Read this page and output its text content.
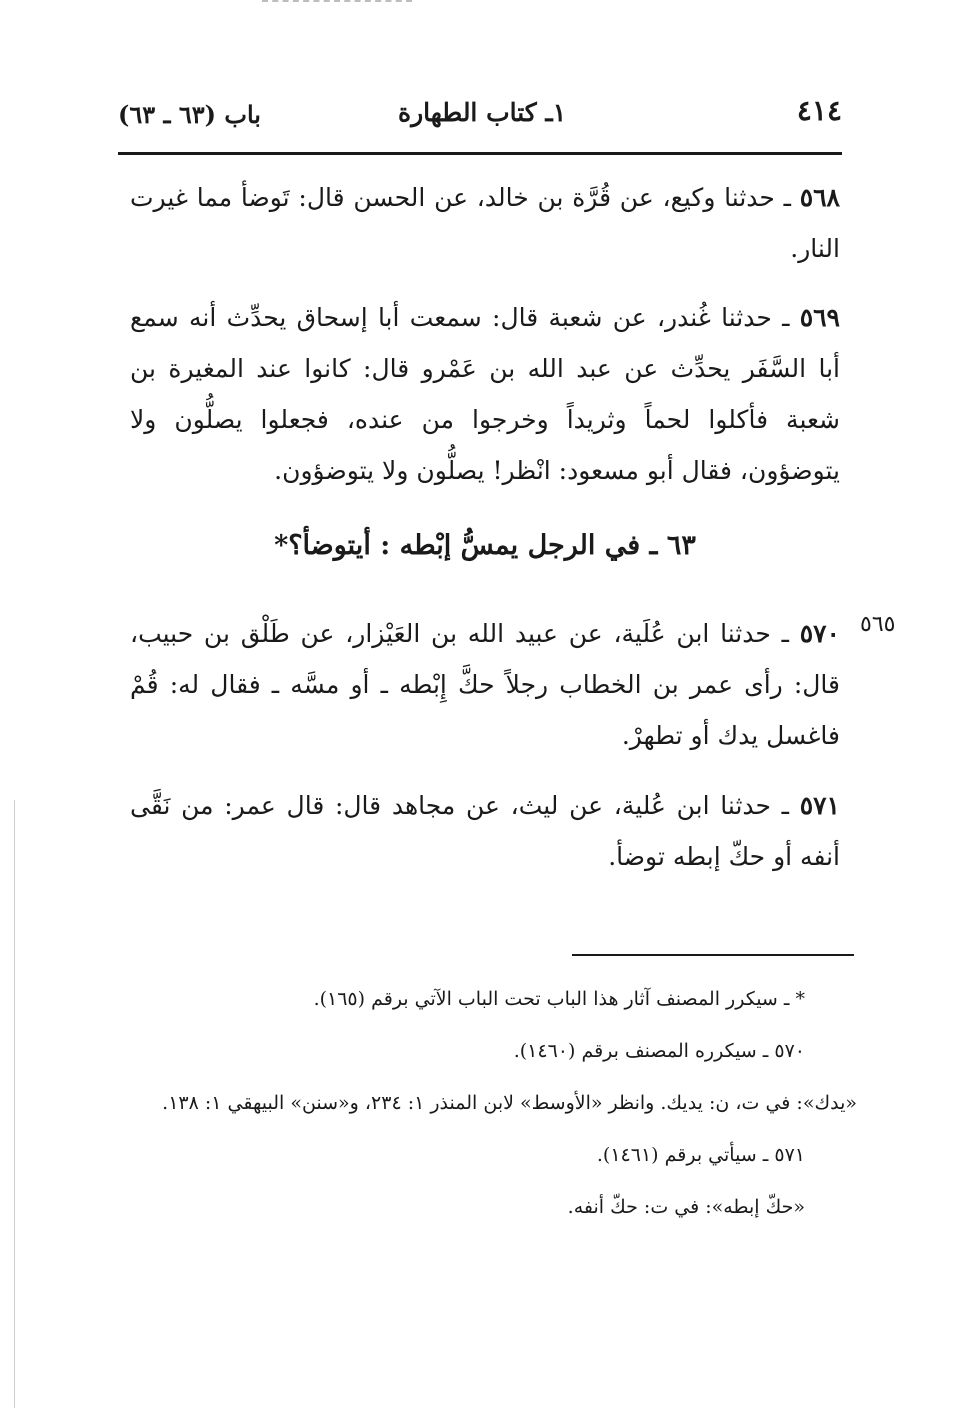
٤١٤
١ـ كتاب الطهارة
باب (٦٣ ـ ٦٣)

٥٦٨ ـ حدثنا وكيع، عن قُرَّة بن خالد، عن الحسن قال: تَوضأ مما غيرت النار.

٥٦٩ ـ حدثنا غُندر، عن شعبة قال: سمعت أبا إسحاق يحدِّث أنه سمع أبا السَّفَر يحدِّث عن عبد الله بن عَمْرو قال: كانوا عند المغيرة بن شعبة فأكلوا لحماً وثريداً وخرجوا من عنده، فجعلوا يصلُّون ولا يتوضؤون، فقال أبو مسعود: انْظر! يصلُّون ولا يتوضؤون.

٦٣ ـ في الرجل يمسُّ إبْطه : أيتوضأ؟*
٥٦٥

٥٧٠ ـ حدثنا ابن عُلَية، عن عبيد الله بن العَيْزار، عن طَلْق بن حبيب، قال: رأى عمر بن الخطاب رجلاً حكَّ إِبْطه ـ أو مسَّه ـ فقال له: قُمْ فاغسل يدك أو تطهرْ.

٥٧١ ـ حدثنا ابن عُلية، عن ليث، عن مجاهد قال: قال عمر: من نَقَّى أنفه أو حكّ إبطه توضأ.

* ـ سيكرر المصنف آثار هذا الباب تحت الباب الآتي برقم (١٦٥).

٥٧٠ ـ سيكرره المصنف برقم (١٤٦٠).

«يدك»: في ت، ن: يديك. وانظر «الأوسط» لابن المنذر ١: ٢٣٤، و«سنن» البيهقي ١: ١٣٨.

٥٧١ ـ سيأتي برقم (١٤٦١).

«حكّ إبطه»: في ت: حكّ أنفه.
